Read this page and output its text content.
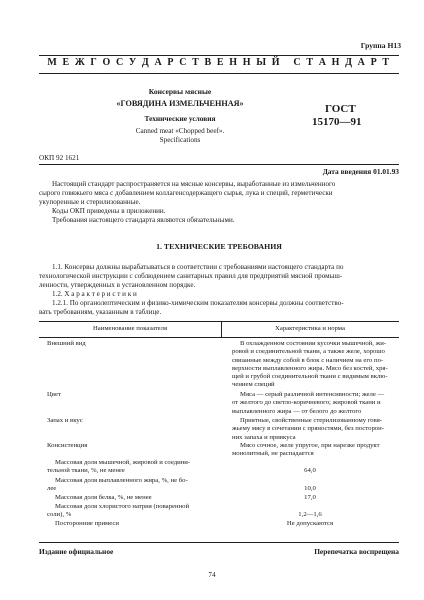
Группа Н13
М Е Ж Г О С У Д А Р С Т В Е Н Н Ы Й   С Т А Н Д А Р Т
Консервы мясные
«ГОВЯДИНА ИЗМЕЛЬЧЕННАЯ»
Технические условия
Canned meat «Chopped beef».
Specifications
ГОСТ
15170—91
ОКП 92 1621
Дата введения 01.01.93
Настоящий стандарт распространяется на мясные консервы, выработанные из измельченного
сырого говяжьего мяса с добавлением коллагенсодержащего сырья, лука и специй, герметически
укупоренные и стерилизованные.
Коды ОКП приведены в приложении.
Требования настоящего стандарта являются обязательными.
1. ТЕХНИЧЕСКИЕ ТРЕБОВАНИЯ
1.1. Консервы должны вырабатываться в соответствии с требованиями настоящего стандарта по
технологической инструкции с соблюдением санитарных правил для предприятий мясной промыш-
ленности, утвержденных в установленном порядке.
1.2. Х а р а к т е р и с т и к и
1.2.1. По органолептическим и физико-химическим показателям консервы должны соответство-
вать требованиям, указанным в таблице.
Наименование показателя	Характеристика и норма
Внешний вид	В охлажденном состоянии кусочки мышечной, жи-
ровой и соединительной ткани, а также желе, хорошо
связанные между собой в блок с наличием на его по-
верхности выплавленного жира. Мясо без костей, хря-
щей и грубой соединительной ткани с видимым вклю-
чением специй
Цвет	Мяса — серый различной интенсивности; желе —
от желтого до светло-коричневого; жировой ткани и
выплавленного жира — от белого до желтого
Запах и вкус	Приятные, свойственные стерилизованному говя-
жьему мясу в сочетании с пряностями, без посторон-
них запаха и привкуса
Консистенция	Мясо сочное, желе упругое, при нарезке продукт
монолитный, не распадается
Массовая доля мышечной, жировой и соедини-
тельной ткани, %, не менее	64,0
Массовая доля выплавленного жира, %, не бо-
лее	10,0
Массовая доля белка, %, не менее	17,0
Массовая доля хлористого натрия (поваренной
соли), %	1,2—1,6
Посторонние примеси	Не допускаются
Издание официальное	Перепечатка воспрещена
74
